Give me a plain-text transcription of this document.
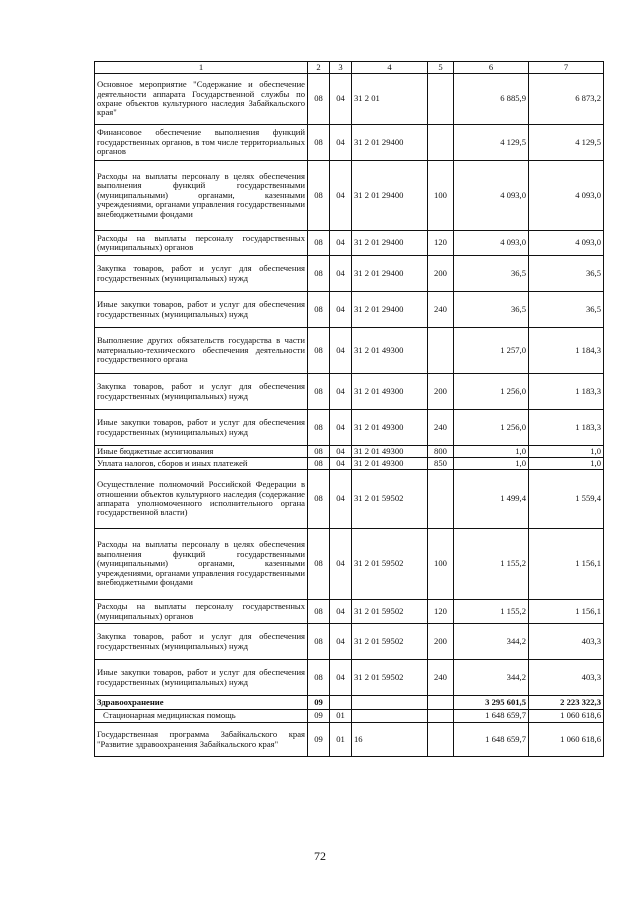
1	2	3	4	5	6	7
Основное мероприятие "Содержание и обеспечение деятельности аппарата Государственной службы по охране объектов культурного наследия Забайкальского края"	08	04	31 2 01		6 885,9	6 873,2
Финансовое обеспечение выполнения функций государственных органов, в том числе территориальных органов	08	04	31 2 01 29400		4 129,5	4 129,5
Расходы на выплаты персоналу в целях обеспечения выполнения функций государственными (муниципальными) органами, казенными учреждениями, органами управления государственными внебюджетными фондами	08	04	31 2 01 29400	100	4 093,0	4 093,0
Расходы на выплаты персоналу государственных (муниципальных) органов	08	04	31 2 01 29400	120	4 093,0	4 093,0
Закупка товаров, работ и услуг для обеспечения государственных (муниципальных) нужд	08	04	31 2 01 29400	200	36,5	36,5
Иные закупки товаров, работ и услуг для обеспечения государственных (муниципальных) нужд	08	04	31 2 01 29400	240	36,5	36,5
Выполнение других обязательств государства в части материально-технического обеспечения деятельности государственного органа	08	04	31 2 01 49300		1 257,0	1 184,3
Закупка товаров, работ и услуг для обеспечения государственных (муниципальных) нужд	08	04	31 2 01 49300	200	1 256,0	1 183,3
Иные закупки товаров, работ и услуг для обеспечения государственных (муниципальных) нужд	08	04	31 2 01 49300	240	1 256,0	1 183,3
Иные бюджетные ассигнования	08	04	31 2 01 49300	800	1,0	1,0
Уплата налогов, сборов и иных платежей	08	04	31 2 01 49300	850	1,0	1,0
Осуществление полномочий Российской Федерации в отношении объектов культурного наследия (содержание аппарата уполномоченного исполнительного органа государственной власти)	08	04	31 2 01 59502		1 499,4	1 559,4
Расходы на выплаты персоналу в целях обеспечения выполнения функций государственными (муниципальными) органами, казенными учреждениями, органами управления государственными внебюджетными фондами	08	04	31 2 01 59502	100	1 155,2	1 156,1
Расходы на выплаты персоналу государственных (муниципальных) органов	08	04	31 2 01 59502	120	1 155,2	1 156,1
Закупка товаров, работ и услуг для обеспечения государственных (муниципальных) нужд	08	04	31 2 01 59502	200	344,2	403,3
Иные закупки товаров, работ и услуг для обеспечения государственных (муниципальных) нужд	08	04	31 2 01 59502	240	344,2	403,3
Здравоохранение	09				3 295 601,5	2 223 322,3
Стационарная медицинская помощь	09	01			1 648 659,7	1 060 618,6
Государственная программа Забайкальского края "Развитие здравоохранения Забайкальского края"	09	01	16		1 648 659,7	1 060 618,6
72
